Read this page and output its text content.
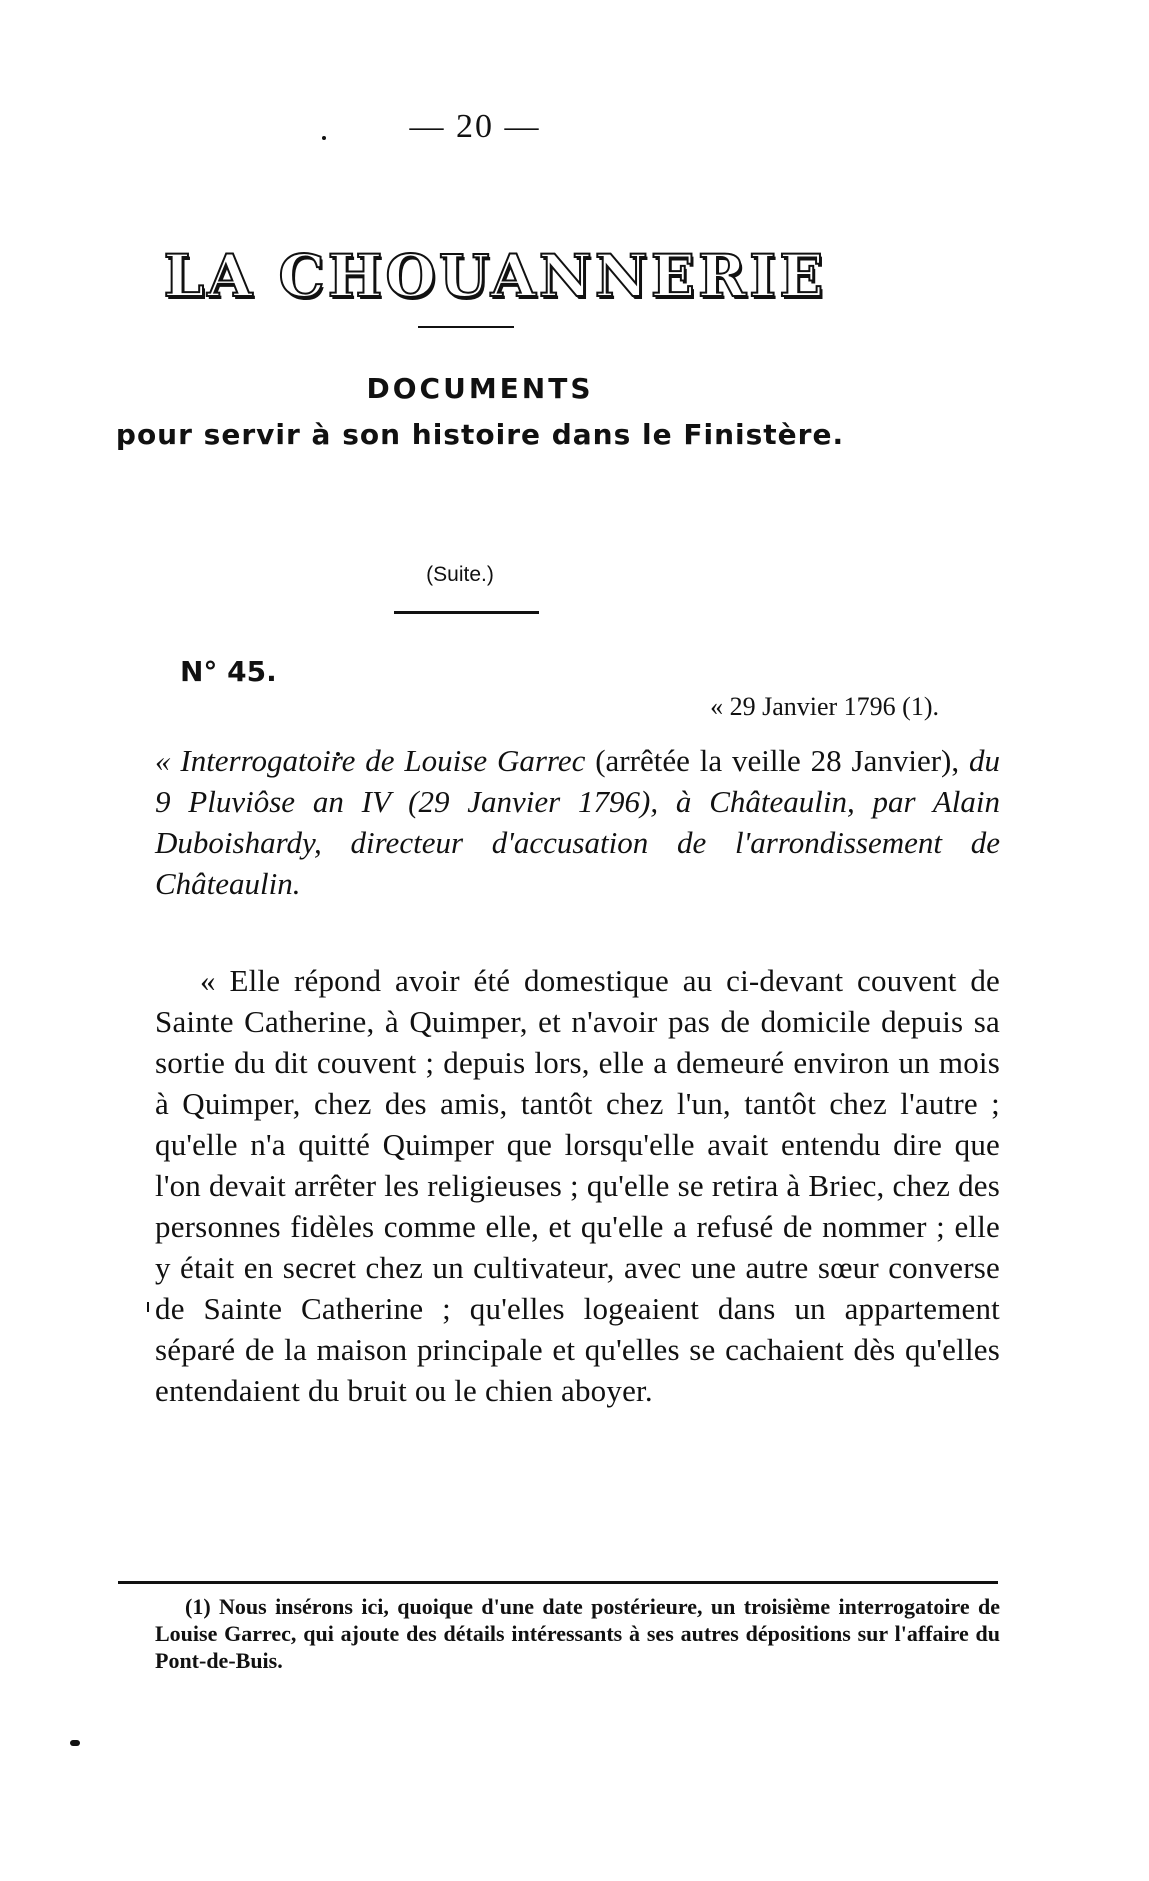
— 20 —
LA CHOUANNERIE
DOCUMENTS
pour servir à son histoire dans le Finistère.
(Suite.)
N° 45.
« 29 Janvier 1796 (1).
« Interrogatoire de Louise Garrec (arrêtée la veille 28 Janvier), du 9 Pluviôse an IV (29 Janvier 1796), à Châteaulin, par Alain Duboishardy, directeur d'accusation de l'arrondissement de Châteaulin.
« Elle répond avoir été domestique au ci-devant couvent de Sainte Catherine, à Quimper, et n'avoir pas de domicile depuis sa sortie du dit couvent ; depuis lors, elle a demeuré environ un mois à Quimper, chez des amis, tantôt chez l'un, tantôt chez l'autre ; qu'elle n'a quitté Quimper que lorsqu'elle avait entendu dire que l'on devait arrêter les religieuses ; qu'elle se retira à Briec, chez des personnes fidèles comme elle, et qu'elle a refusé de nommer ; elle y était en secret chez un cultivateur, avec une autre sœur converse de Sainte Catherine ; qu'elles logeaient dans un appartement séparé de la maison principale et qu'elles se cachaient dès qu'elles entendaient du bruit ou le chien aboyer.
(1) Nous insérons ici, quoique d'une date postérieure, un troisième interrogatoire de Louise Garrec, qui ajoute des détails intéressants à ses autres dépositions sur l'affaire du Pont-de-Buis.
